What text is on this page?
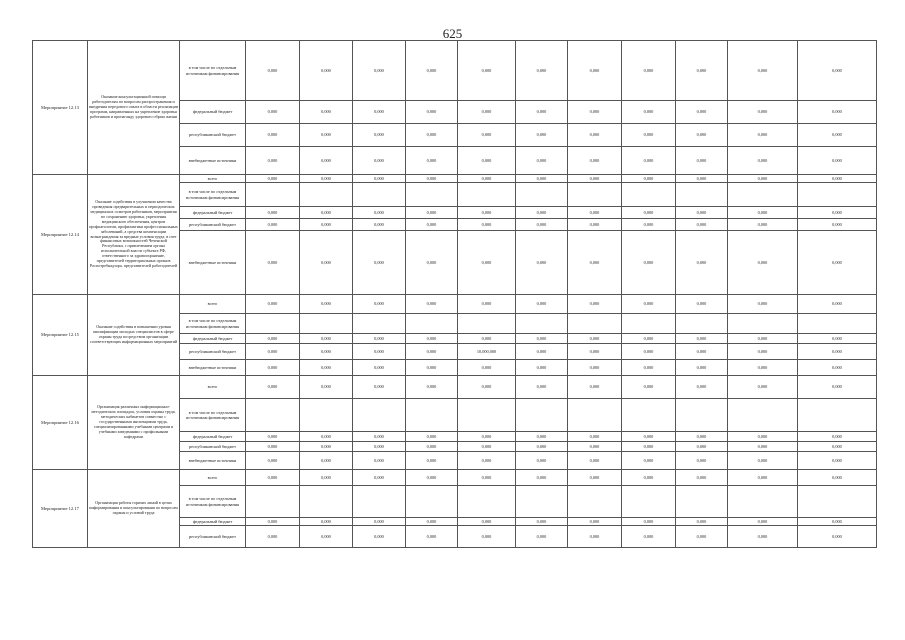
625
Мероприятие 12.13	Оказание консультационной помощи работодателям по вопросам распространения и внедрения передового опыта в области реализации программ, направленных на укрепление здоровья работников и пропаганду здорового образа жизни	в том числе по отдельным источникам финансирования	0,000	0,000	0,000	0,000	0,000	0,000	0,000	0,000	0,000	0,000	0,000
		федеральный бюджет	0,000	0,000	0,000	0,000	0,000	0,000	0,000	0,000	0,000	0,000	0,000
		республиканский бюджет	0,000	0,000	0,000	0,000	0,000	0,000	0,000	0,000	0,000	0,000	0,000
		внебюджетные источники	0,000	0,000	0,000	0,000	0,000	0,000	0,000	0,000	0,000	0,000	0,000
Мероприятие 12.14	Оказание содействия в улучшении качества проведения предварительных и периодических медицинских осмотров работников, мероприятия по сохранению здоровья, укрепления медицинского обеспечения, центров профпатологии, профилактики профессиональных заболеваний, а средства компенсации вознаграждения за вредные условия труда, в счет финансовых возможностей Чеченской Республики, с привлечением органа исполнительной власти субъекта РФ, ответственного за здравоохранение, представителей территориальных органов Роспотребнадзора, представителей работодателей	всего	0,000	0,000	0,000	0,000	0,000	0,000	0,000	0,000	0,000	0,000	0,000
		в том числе по отдельным источникам финансирования											
		федеральный бюджет	0,000	0,000	0,000	0,000	0,000	0,000	0,000	0,000	0,000	0,000	0,000
		республиканский бюджет	0,000	0,000	0,000	0,000	0,000	0,000	0,000	0,000	0,000	0,000	0,000
		внебюджетные источники	0,000	0,000	0,000	0,000	0,000	0,000	0,000	0,000	0,000	0,000	0,000
Мероприятие 12.15	Оказание содействия в повышении уровня квалификации молодых специалистов в сфере охраны труда посредством организации соответствующих информационных мероприятий	всего	0,000	0,000	0,000	0,000	0,000	0,000	0,000	0,000	0,000	0,000	0,000
		в том числе по отдельным источникам финансирования											
		федеральный бюджет	0,000	0,000	0,000	0,000	0,000	0,000	0,000	0,000	0,000	0,000	0,000
		республиканский бюджет	0,000	0,000	0,000	0,000	10,000,000	0,000	0,000	0,000	0,000	0,000	0,000
		внебюджетные источники	0,000	0,000	0,000	0,000	0,000	0,000	0,000	0,000	0,000	0,000	0,000
Мероприятие 12.16	Организация различных информационно-методических площадок, условия охраны труда, методических кабинетов совместно с государственными инспекциями труда, специализированными учебными центрами и учебными заведениями с профильными кафедрами	всего	0,000	0,000	0,000	0,000	0,000	0,000	0,000	0,000	0,000	0,000	0,000
		в том числе по отдельным источникам финансирования											
		федеральный бюджет	0,000	0,000	0,000	0,000	0,000	0,000	0,000	0,000	0,000	0,000	0,000
		республиканский бюджет	0,000	0,000	0,000	0,000	0,000	0,000	0,000	0,000	0,000	0,000	0,000
		внебюджетные источники	0,000	0,000	0,000	0,000	0,000	0,000	0,000	0,000	0,000	0,000	0,000
Мероприятие 12.17	Организация работы горячих линий в целях информирования и консультирования по вопросам охраны и условий труда	всего	0,000	0,000	0,000	0,000	0,000	0,000	0,000	0,000	0,000	0,000	0,000
		в том числе по отдельным источникам финансирования											
		федеральный бюджет	0,000	0,000	0,000	0,000	0,000	0,000	0,000	0,000	0,000	0,000	0,000
		республиканский бюджет	0,000	0,000	0,000	0,000	0,000	0,000	0,000	0,000	0,000	0,000	0,000
